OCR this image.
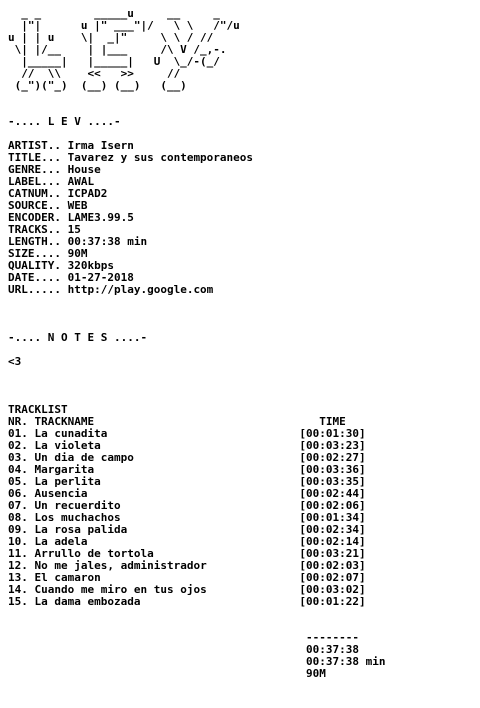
_ _        _____u     __     _
|"|      u |" ___"|/   \ \   /"/u
u | | u    \|  _|"     \ \ / //
\| |/__    | |___     /\ V /_,-.
|_____|   |_____|   U  \_/-(_/
//  \\    <<   >>     //
(_")("_)  (__) (__)   (__)

-.... L E V ....-

ARTIST.. Irma Isern
TITLE... Tavarez y sus contemporaneos
GENRE... House
LABEL... AWAL
CATNUM.. ICPAD2
SOURCE.. WEB
ENCODER. LAME3.99.5
TRACKS.. 15
LENGTH.. 00:37:38 min
SIZE.... 90M
QUALITY. 320kbps
DATE.... 01-27-2018
URL..... http://play.google.com

-.... N O T E S ....-

<3

TRACKLIST
NR. TRACKNAME                                  TIME
01. La cunadita                             [00:01:30]
02. La violeta                              [00:03:23]
03. Un dia de campo                         [00:02:27]
04. Margarita                               [00:03:36]
05. La perlita                              [00:03:35]
06. Ausencia                                [00:02:44]
07. Un recuerdito                           [00:02:06]
08. Los muchachos                           [00:01:34]
09. La rosa palida                          [00:02:34]
10. La adela                                [00:02:14]
11. Arrullo de tortola                      [00:03:21]
12. No me jales, administrador              [00:02:03]
13. El camaron                              [00:02:07]
14. Cuando me miro en tus ojos              [00:03:02]
15. La dama embozada                        [00:01:22]

--------
00:37:38
00:37:38 min
90M
